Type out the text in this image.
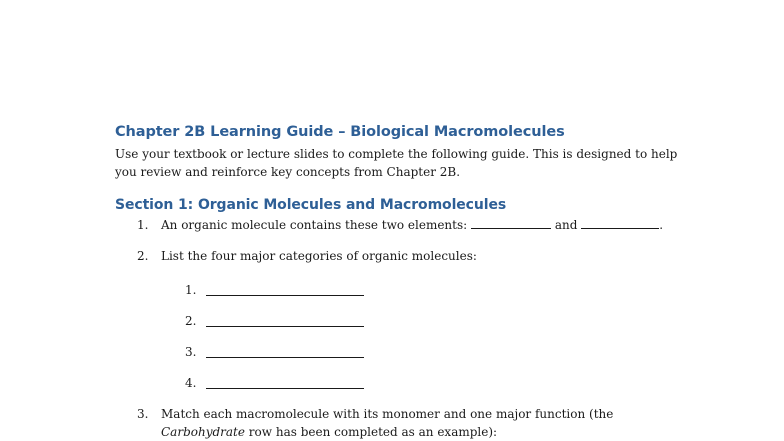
Chapter 2B Learning Guide – Biological Macromolecules
Use your textbook or lecture slides to complete the following guide. This is designed to help
you review and reinforce key concepts from Chapter 2B.
Section 1: Organic Molecules and Macromolecules
1. An organic molecule contains these two elements:	and	.
2. List the four major categories of organic molecules:
1.
2.
3.
4.
3. Match each macromolecule with its monomer and one major function (the
Carbohydrate row has been completed as an example):
